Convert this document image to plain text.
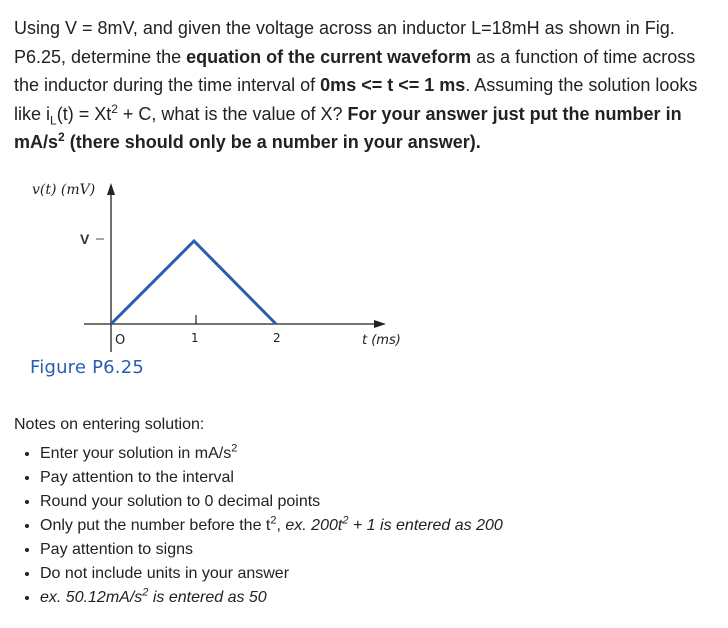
Using V = 8mV, and given the voltage across an inductor L=18mH as shown in Fig. P6.25, determine the equation of the current waveform as a function of time across the inductor during the time interval of 0ms <= t <= 1 ms. Assuming the solution looks like $i_L(t) = Xt^2 + C$, what is the value of X? For your answer just put the number in $mA/s^2$ (there should only be a number in your answer).
v(t) (mV)
V
O	1	2	t (ms)
Figure P6.25
Notes on entering solution:
• Enter your solution in $mA/s^2$
• Pay attention to the interval
• Round your solution to 0 decimal points
• Only put the number before the $t^2$, ex. $200t^2 + 1$ is entered as 200
• Pay attention to signs
• Do not include units in your answer
• ex. $50.12mA/s^2$ is entered as 50
